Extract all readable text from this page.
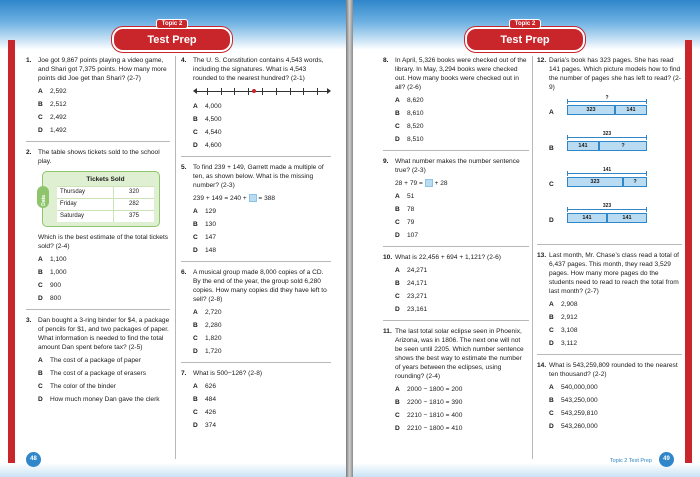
Topic 2
Test Prep
1. Joe got 9,867 points playing a video game, and Shari got 7,375 points. How many more points did Joe get than Shari? (2-7)
A 2,592
B 2,512
C 2,492
D 1,492
2. The table shows tickets sold to the school play.
Data
Tickets Sold
Thursday	320
Friday	282
Saturday	375
Which is the best estimate of the total tickets sold? (2-4)
A 1,100
B 1,000
C 900
D 800
3. Dan bought a 3-ring binder for $4, a package of pencils for $1, and two packages of paper. What information is needed to find the total amount Dan spent before tax? (2-5)
A The cost of a package of paper
B The cost of a package of erasers
C The color of the binder
D How much money Dan gave the clerk
4. The U. S. Constitution contains 4,543 words, including the signatures. What is 4,543 rounded to the nearest hundred? (2-1)
A 4,000
B 4,500
C 4,540
D 4,600
5. To find 239 + 149, Garrett made a multiple of ten, as shown below. What is the missing number? (2-3)
239 + 149 = 240 + = 388
A 129
B 130
C 147
D 148
6. A musical group made 8,000 copies of a CD. By the end of the year, the group sold 6,280 copies. How many copies did they have left to sell? (2-8)
A 2,720
B 2,280
C 1,820
D 1,720
7. What is 500−126? (2-8)
A 626
B 484
C 426
D 374
48
Topic 2
Test Prep
8. In April, 5,326 books were checked out of the library. In May, 3,294 books were checked out. How many books were checked out in all? (2-6)
A 8,620
B 8,610
C 8,520
D 8,510
9. What number makes the number sentence true? (2-3)
28 + 79 = + 28
A 51
B 78
C 79
D 107
10. What is 22,456 + 694 + 1,121? (2-6)
A 24,271
B 24,171
C 23,271
D 23,161
11. The last total solar eclipse seen in Phoenix, Arizona, was in 1806. The next one will not be seen until 2205. Which number sentence shows the best way to estimate the number of years between the eclipses, using rounding? (2-4)
A 2000 − 1800 = 200
B 2200 − 1810 = 390
C 2210 − 1810 = 400
D 2210 − 1800 = 410
12. Daria’s book has 323 pages. She has read 141 pages. Which picture models how to find the number of pages she has left to read? (2-9)
A
?
323	141
B
323
141	?
C
141
323	?
D
323
141	141
13. Last month, Mr. Chase’s class read a total of 6,437 pages. This month, they read 3,529 pages. How many more pages do the students need to read to reach the total from last month? (2-7)
A 2,908
B 2,912
C 3,108
D 3,112
14. What is 543,259,809 rounded to the nearest ten thousand? (2-2)
A 540,000,000
B 543,250,000
C 543,259,810
D 543,260,000
Topic 2 Test Prep	49
